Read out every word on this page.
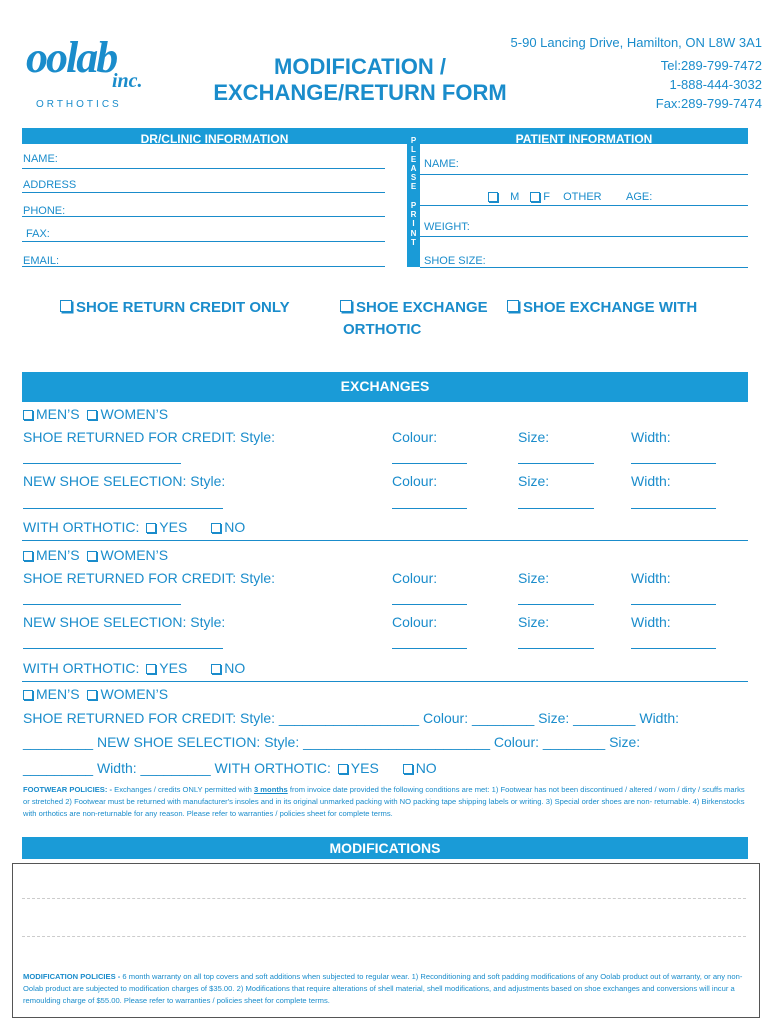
oolab
inc.
ORTHOTICS
MODIFICATION /
EXCHANGE/RETURN FORM
5-90 Lancing Drive, Hamilton, ON L8W 3A1
Tel:289-799-7472
1-888-444-3032
Fax:289-799-7474
DR/CLINIC INFORMATION
NAME:
ADDRESS
PHONE:
FAX:
EMAIL:
P
L
E
A
S
E
P
R
I
N
T
PATIENT INFORMATION
NAME:
M F OTHER AGE:
WEIGHT:
SHOE SIZE:
SHOE RETURN CREDIT ONLY	SHOE EXCHANGE	SHOE EXCHANGE WITH
ORTHOTIC
EXCHANGES
MEN’S WOMEN’S
SHOE RETURNED FOR CREDIT: Style:	Colour:	Size:	Width:
NEW SHOE SELECTION: Style:	Colour:	Size:	Width:
WITH ORTHOTIC: YES	NO
MEN’S WOMEN’S
SHOE RETURNED FOR CREDIT: Style:	Colour:	Size:	Width:
NEW SHOE SELECTION: Style:	Colour:	Size:	Width:
WITH ORTHOTIC: YES	NO
MEN’S WOMEN’S
SHOE RETURNED FOR CREDIT: Style: __________________ Colour: ________ Size: ________ Width:
_________ NEW SHOE SELECTION: Style: ________________________ Colour: ________ Size:
_________ Width: _________ WITH ORTHOTIC: YES	NO
FOOTWEAR POLICIES: - Exchanges / credits ONLY permitted with 3 months from invoice date provided the following conditions are met: 1) Footwear has not been discontinued / altered / worn / dirty / scuffs marks or stretched 2) Footwear must be returned with manufacturer's insoles and in its original unmarked packing with NO packing tape shipping labels or writing. 3) Special order shoes are non- returnable. 4) Birkenstocks with orthotics are non-returnable for any reason. Please refer to warranties / policies sheet for complete terms.
MODIFICATIONS
MODIFICATION POLICIES - 6 month warranty on all top covers and soft additions when subjected to regular wear. 1) Reconditioning and soft padding modifications of any Oolab product out of warranty, or any non- Oolab product are subjected to modification charges of $35.00. 2) Modifications that require alterations of shell material, shell modifications, and adjustments based on shoe exchanges and conversions will incur a remoulding charge of $55.00. Please refer to warranties / policies sheet for complete terms.
